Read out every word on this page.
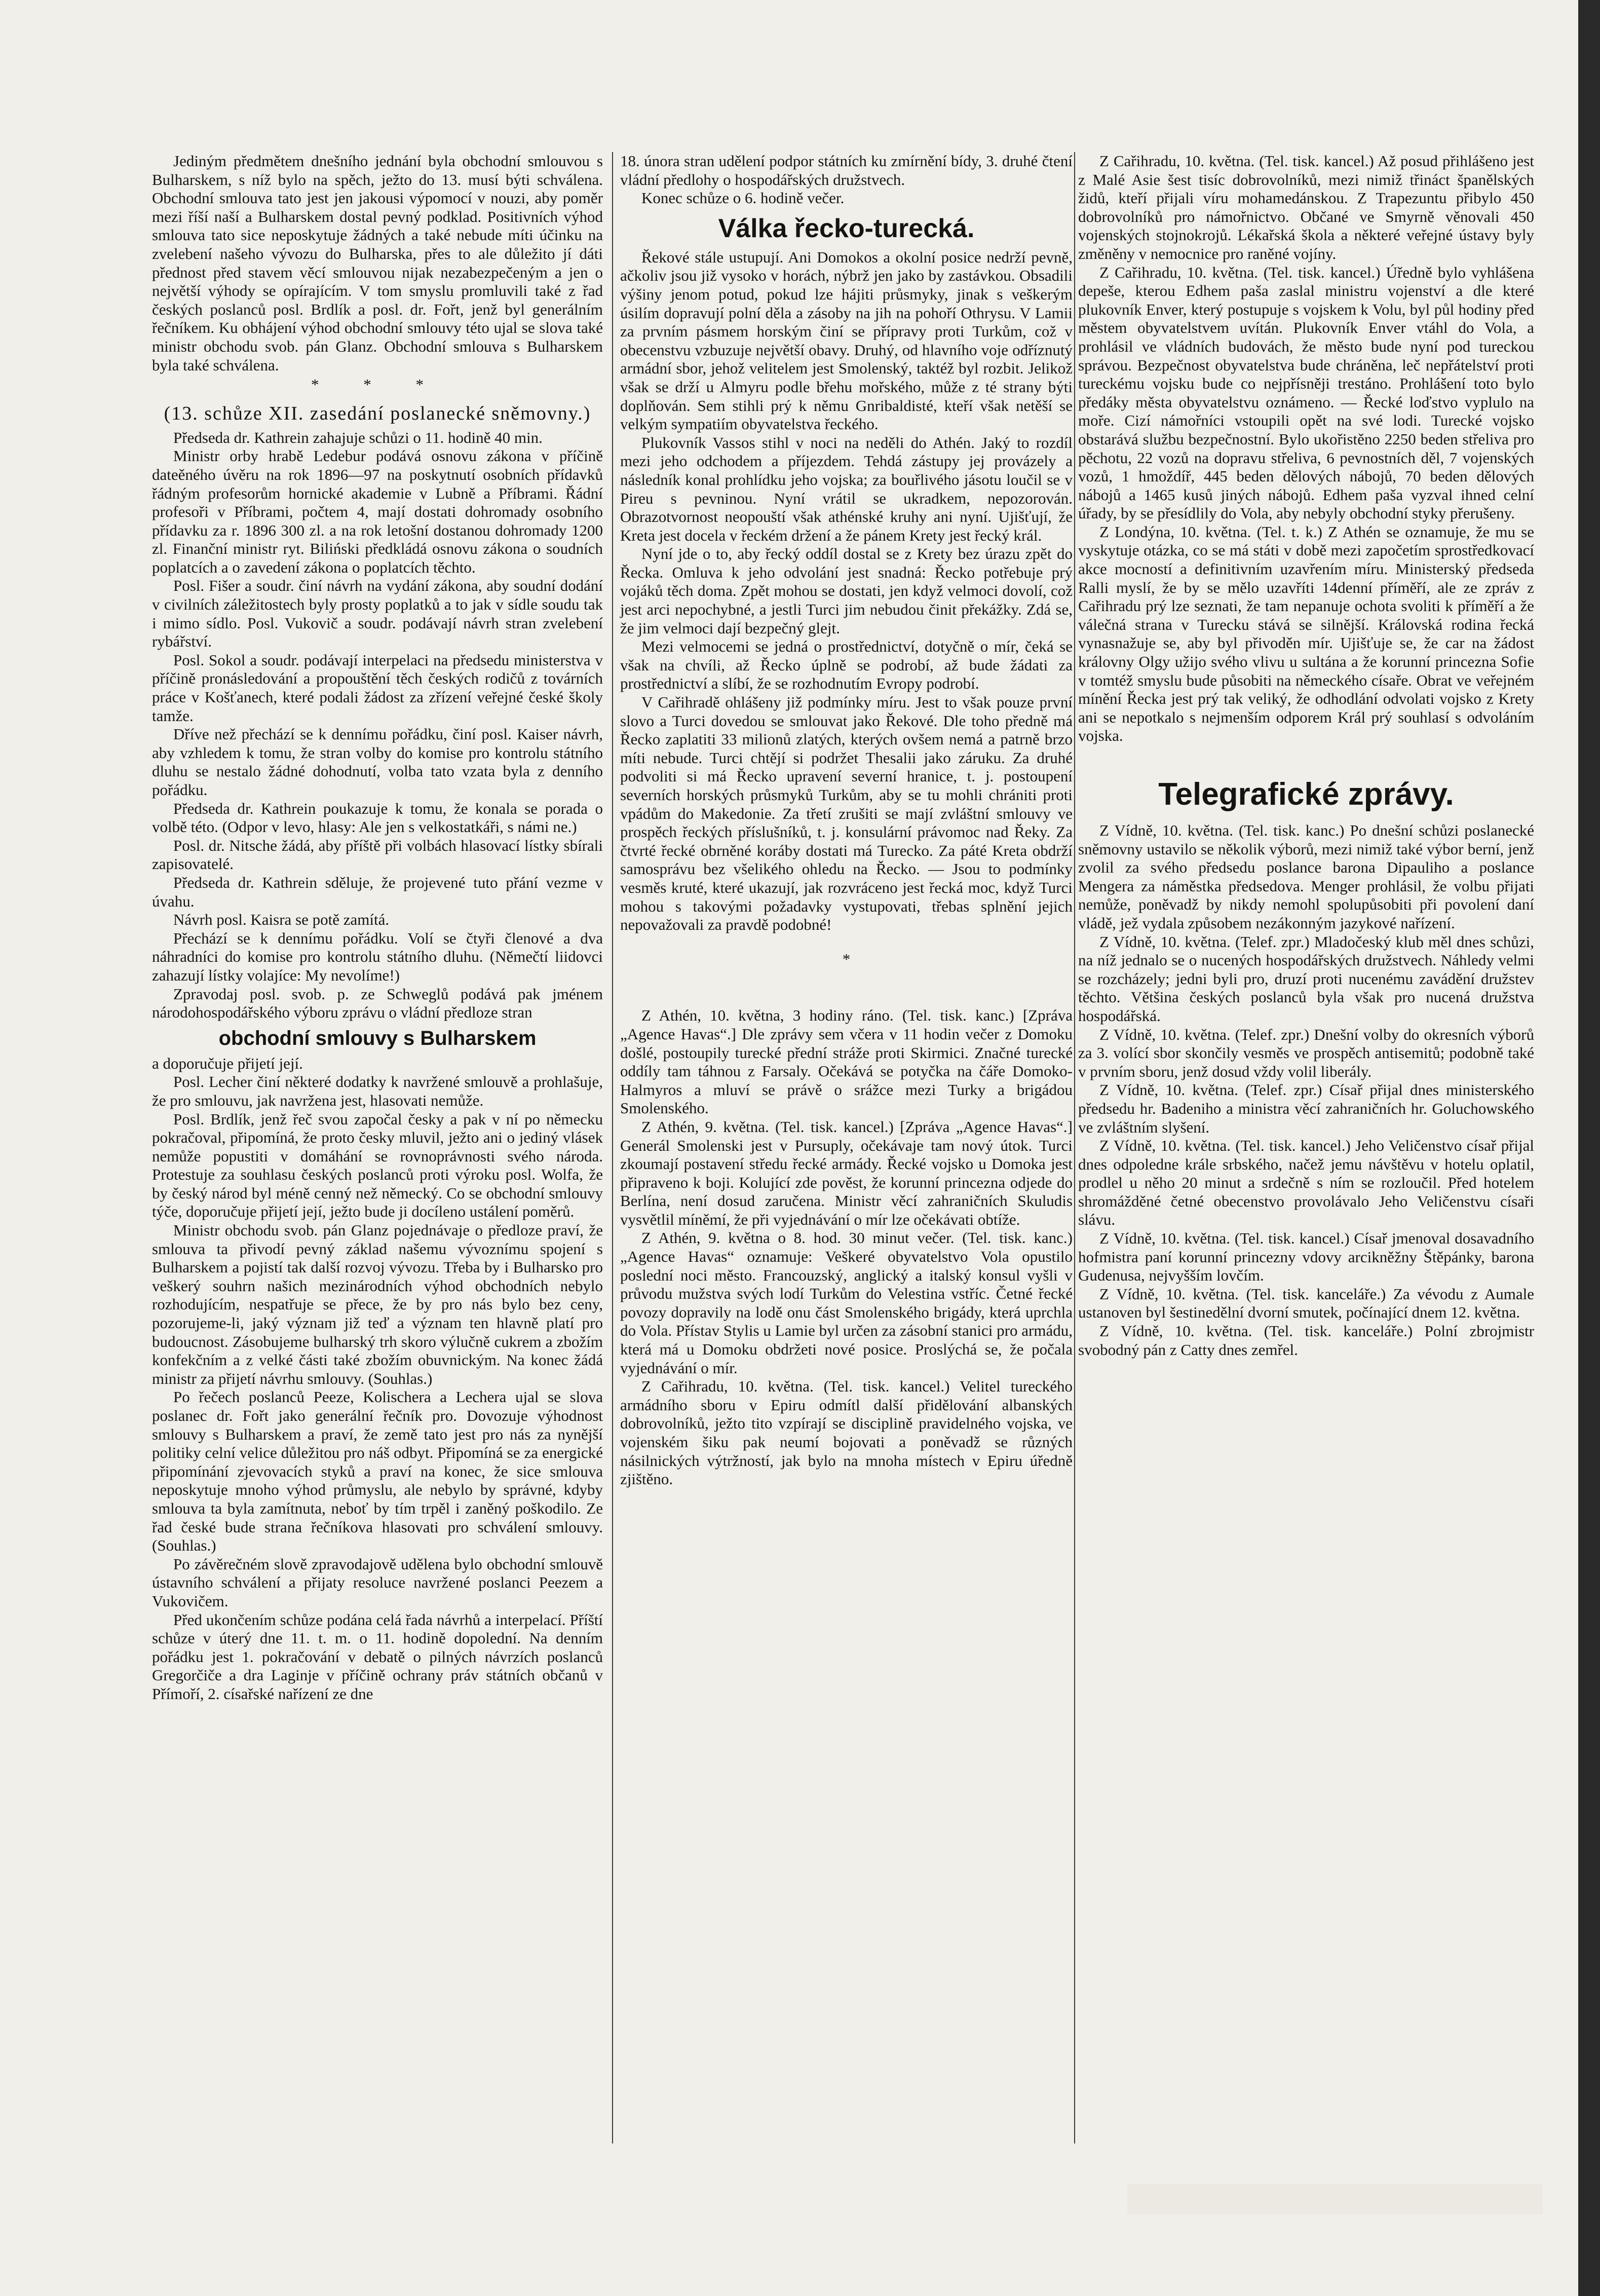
Jediným předmětem dnešního jednání byla obchodní smlouvou s Bulharskem, s níž bylo na spěch, ježto do 13. musí býti schválena. Obchodní smlouva tato jest jen jakousi výpomocí v nouzi, aby poměr mezi říší naší a Bulharskem dostal pevný podklad. Positivních výhod smlouva tato sice neposkytuje žádných a také nebude míti účinku na zvelebení našeho vývozu do Bulharska, přes to ale důležito jí dáti přednost před stavem věcí smlouvou nijak nezabezpečeným a jen o největší výhody se opírajícím. V tom smyslu promluvili také z řad českých poslanců posl. Brdlík a posl. dr. Fořt, jenž byl generálním řečníkem. Ku obhájení výhod obchodní smlouvy této ujal se slova také ministr obchodu svob. pán Glanz. Obchodní smlouva s Bulharskem byla také schválena.

* * *

(13. schůze XII. zasedání poslanecké sněmovny.)

Předseda dr. Kathrein zahajuje schůzi o 11. hodině 40 min.

Ministr orby hrabě Ledebur podává osnovu zákona v příčině dateěného úvěru na rok 1896—97 na poskytnutí osobních přídavků řádným profesorům hornické akademie v Lubně a Příbrami. Řádní profesoři v Příbrami, počtem 4, mají dostati dohromady osobního přídavku za r. 1896 300 zl. a na rok letošní dostanou dohromady 1200 zl. Finanční ministr ryt. Biliński předkládá osnovu zákona o soudních poplatcích a o zavedení zákona o poplatcích těchto.

Posl. Fišer a soudr. činí návrh na vydání zákona, aby soudní dodání v civilních záležitostech byly prosty poplatků a to jak v sídle soudu tak i mimo sídlo. Posl. Vukovič a soudr. podávají návrh stran zvelebení rybářství.

Posl. Sokol a soudr. podávají interpelaci na předsedu ministerstva v příčině pronásledování a propouštění těch českých rodičů z továrních práce v Košťanech, které podali žádost za zřízení veřejné české školy tamže.

Dříve než přechází se k dennímu pořádku, činí posl. Kaiser návrh, aby vzhledem k tomu, že stran volby do komise pro kontrolu státního dluhu se nestalo žádné dohodnutí, volba tato vzata byla z denního pořádku.

Předseda dr. Kathrein poukazuje k tomu, že konala se porada o volbě této. (Odpor v levo, hlasy: Ale jen s velkostatkáři, s námi ne.)

Posl. dr. Nitsche žádá, aby příště při volbách hlasovací lístky sbírali zapisovatelé.

Předseda dr. Kathrein sděluje, že projevené tuto přání vezme v úvahu.

Návrh posl. Kaisra se potě zamítá.

Přechází se k dennímu pořádku. Volí se čtyři členové a dva náhradníci do komise pro kontrolu státního dluhu. (Němečtí liidovci zahazují lístky volajíce: My nevolíme!)

Zpravodaj posl. svob. p. ze Schweglů podává pak jménem národohospodářského výboru zprávu o vládní předloze stran

obchodní smlouvy s Bulharskem

a doporučuje přijetí její.

Posl. Lecher činí některé dodatky k navržené smlouvě a prohlašuje, že pro smlouvu, jak navržena jest, hlasovati nemůže.

Posl. Brdlík, jenž řeč svou započal česky a pak v ní po německu pokračoval, připomíná, že proto česky mluvil, ježto ani o jediný vlásek nemůže popustiti v domáhání se rovnoprávnosti svého národa. Protestuje za souhlasu českých poslanců proti výroku posl. Wolfa, že by český národ byl méně cenný než německý. Co se obchodní smlouvy týče, doporučuje přijetí její, ježto bude ji docíleno ustálení poměrů.

Ministr obchodu svob. pán Glanz pojednávaje o předloze praví, že smlouva ta přivodí pevný základ našemu vývoznímu spojení s Bulharskem a pojistí tak další rozvoj vývozu. Třeba by i Bulharsko pro veškerý souhrn našich mezinárodních výhod obchodních nebylo rozhodujícím, nespatřuje se přece, že by pro nás bylo bez ceny, pozorujeme-li, jaký význam již teď a význam ten hlavně platí pro budoucnost. Zásobujeme bulharský trh skoro výlučně cukrem a zbožím konfekčním a z velké části také zbožím obuvnickým. Na konec žádá ministr za přijetí návrhu smlouvy. (Souhlas.)

Po řečech poslanců Peeze, Kolischera a Lechera ujal se slova poslanec dr. Fořt jako generální řečník pro. Dovozuje výhodnost smlouvy s Bulharskem a praví, že země tato jest pro nás za nynější politiky celní velice důležitou pro náš odbyt. Připomíná se za energické připomínání zjevovacích styků a praví na konec, že sice smlouva neposkytuje mnoho výhod průmyslu, ale nebylo by správné, kdyby smlouva ta byla zamítnuta, neboť by tím trpěl i zaněný poškodilo. Ze řad české bude strana řečníkova hlasovati pro schválení smlouvy. (Souhlas.)

Po závěrečném slově zpravodajově udělena bylo obchodní smlouvě ústavního schválení a přijaty resoluce navržené poslanci Peezem a Vukovičem.

Před ukončením schůze podána celá řada návrhů a interpelací. Příští schůze v úterý dne 11. t. m. o 11. hodině dopolední. Na denním pořádku jest 1. pokračování v debatě o pilných návrzích poslanců Gregorčiče a dra Laginje v příčině ochrany práv státních občanů v Přímoří, 2. císařské nařízení ze dne

18. února stran udělení podpor státních ku zmírnění bídy, 3. druhé čtení vládní předlohy o hospodářských družstvech.

Konec schůze o 6. hodině večer.

Válka řecko-turecká.

Řekové stále ustupují. Ani Domokos a okolní posice nedrží pevně, ačkoliv jsou již vysoko v horách, nýbrž jen jako by zastávkou. Obsadili výšiny jenom potud, pokud lze hájiti průsmyky, jinak s veškerým úsilím dopravují polní děla a zásoby na jih na pohoří Othrysu. V Lamii za prvním pásmem horským činí se přípravy proti Turkům, což v obecenstvu vzbuzuje největší obavy. Druhý, od hlavního voje odříznutý armádní sbor, jehož velitelem jest Smolenský, taktéž byl rozbit. Jelikož však se drží u Almyru podle břehu mořského, může z té strany býti doplňován. Sem stihli prý k němu Gnribaldisté, kteří však netěší se velkým sympatiím obyvatelstva řeckého.

Plukovník Vassos stihl v noci na neděli do Athén. Jaký to rozdíl mezi jeho odchodem a příjezdem. Tehdá zástupy jej provázely a následník konal prohlídku jeho vojska; za bouřlivého jásotu loučil se v Pireu s pevninou. Nyní vrátil se ukradkem, nepozorován. Obrazotvornost neopouští však athénské kruhy ani nyní. Ujišťují, že Kreta jest docela v řeckém držení a že pánem Krety jest řecký král.

Nyní jde o to, aby řecký oddíl dostal se z Krety bez úrazu zpět do Řecka. Omluva k jeho odvolání jest snadná: Řecko potřebuje prý vojáků těch doma. Zpět mohou se dostati, jen když velmoci dovolí, což jest arci nepochybné, a jestli Turci jim nebudou činit překážky. Zdá se, že jim velmoci dají bezpečný glejt.

Mezi velmocemi se jedná o prostřednictví, dotyčně o mír, čeká se však na chvíli, až Řecko úplně se podrobí, až bude žádati za prostřednictví a slíbí, že se rozhodnutím Evropy podrobí.

V Cařihradě ohlášeny již podmínky míru. Jest to však pouze první slovo a Turci dovedou se smlouvat jako Řekové. Dle toho předně má Řecko zaplatiti 33 milionů zlatých, kterých ovšem nemá a patrně brzo míti nebude. Turci chtějí si podržet Thesalii jako záruku. Za druhé podvoliti si má Řecko upravení severní hranice, t. j. postoupení severních horských průsmyků Turkům, aby se tu mohli chrániti proti vpádům do Makedonie. Za třetí zrušiti se mají zvláštní smlouvy ve prospěch řeckých příslušníků, t. j. konsulární právomoc nad Řeky. Za čtvrté řecké obrněné koráby dostati má Turecko. Za páté Kreta obdrží samosprávu bez všelikého ohledu na Řecko. — Jsou to podmínky vesměs kruté, které ukazují, jak rozvráceno jest řecká moc, když Turci mohou s takovými požadavky vystupovati, třebas splnění jejich nepovažovali za pravdě podobné!

*

Z Athén, 10. května, 3 hodiny ráno. (Tel. tisk. kanc.) [Zpráva „Agence Havas“.] Dle zprávy sem včera v 11 hodin večer z Domoku došlé, postoupily turecké přední stráže proti Skirmici. Značné turecké oddíly tam táhnou z Farsaly. Očekává se potyčka na čáře Domoko-Halmyros a mluví se právě o srážce mezi Turky a brigádou Smolenského.

Z Athén, 9. května. (Tel. tisk. kancel.) [Zpráva „Agence Havas“.] Generál Smolenski jest v Pursuply, očekávaje tam nový útok. Turci zkoumají postavení středu řecké armády. Řecké vojsko u Domoka jest připraveno k boji. Kolující zde pověst, že korunní princezna odjede do Berlína, není dosud zaručena. Ministr věcí zahraničních Skuludis vysvětlil míněmí, že při vyjednávání o mír lze očekávati obtíže.

Z Athén, 9. května o 8. hod. 30 minut večer. (Tel. tisk. kanc.) „Agence Havas“ oznamuje: Veškeré obyvatelstvo Vola opustilo poslední noci město. Francouzský, anglický a italský konsul vyšli v průvodu mužstva svých lodí Turkům do Velestina vstříc. Četné řecké povozy dopravily na lodě onu část Smolenského brigády, která uprchla do Vola. Přístav Stylis u Lamie byl určen za zásobní stanici pro armádu, která má u Domoku obdržeti nové posice. Proslýchá se, že počala vyjednávání o mír.

Z Cařihradu, 10. května. (Tel. tisk. kancel.) Velitel tureckého armádního sboru v Epiru odmítl další přidělování albanských dobrovolníků, ježto tito vzpírají se disciplině pravidelného vojska, ve vojenském šiku pak neumí bojovati a poněvadž se různých násilnických výtržností, jak bylo na mnoha místech v Epiru úředně zjištěno.

Z Cařihradu, 10. května. (Tel. tisk. kancel.) Až posud přihlášeno jest z Malé Asie šest tisíc dobrovolníků, mezi nimiž třináct španělských židů, kteří přijali víru mohamedánskou. Z Trapezuntu přibylo 450 dobrovolníků pro námořnictvo. Občané ve Smyrně věnovali 450 vojenských stojnokrojů. Lékařská škola a některé veřejné ústavy byly změněny v nemocnice pro raněné vojíny.

Z Cařihradu, 10. května. (Tel. tisk. kancel.) Úředně bylo vyhlášena depeše, kterou Edhem paša zaslal ministru vojenství a dle které plukovník Enver, který postupuje s vojskem k Volu, byl půl hodiny před městem obyvatelstvem uvítán. Plukovník Enver vtáhl do Vola, a prohlásil ve vládních budovách, že město bude nyní pod tureckou správou. Bezpečnost obyvatelstva bude chráněna, leč nepřátelství proti tureckému vojsku bude co nejpřísněji trestáno. Prohlášení toto bylo předáky města obyvatelstvu oznámeno. — Řecké loďstvo vyplulo na moře. Cizí námořníci vstoupili opět na své lodi. Turecké vojsko obstarává službu bezpečnostní. Bylo ukořistěno 2250 beden střeliva pro pěchotu, 22 vozů na dopravu střeliva, 6 pevnostních děl, 7 vojenských vozů, 1 hmoždíř, 445 beden dělových nábojů, 70 beden dělových nábojů a 1465 kusů jiných nábojů. Edhem paša vyzval ihned celní úřady, by se přesídlily do Vola, aby nebyly obchodní styky přerušeny.

Z Londýna, 10. května. (Tel. t. k.) Z Athén se oznamuje, že mu se vyskytuje otázka, co se má státi v době mezi započetím sprostředkovací akce mocností a definitivním uzavřením míru. Ministerský předseda Ralli myslí, že by se mělo uzavříti 14denní příměří, ale ze zpráv z Cařihradu prý lze seznati, že tam nepanuje ochota svoliti k příměří a že válečná strana v Turecku stává se silnější. Královská rodina řecká vynasnažuje se, aby byl přivoděn mír. Ujišťuje se, že car na žádost královny Olgy užijo svého vlivu u sultána a že korunní princezna Sofie v tomtéž smyslu bude působiti na německého císaře. Obrat ve veřejném mínění Řecka jest prý tak veliký, že odhodlání odvolati vojsko z Krety ani se nepotkalo s nejmenším odporem Král prý souhlasí s odvoláním vojska.

Telegrafické zprávy.

Z Vídně, 10. května. (Tel. tisk. kanc.) Po dnešní schůzi poslanecké sněmovny ustavilo se několik výborů, mezi nimiž také výbor berní, jenž zvolil za svého předsedu poslance barona Dipauliho a poslance Mengera za náměstka předsedova. Menger prohlásil, že volbu přijati nemůže, poněvadž by nikdy nemohl spolupůsobiti při povolení daní vládě, jež vydala způsobem nezákonným jazykové nařízení.

Z Vídně, 10. května. (Telef. zpr.) Mladočeský klub měl dnes schůzi, na níž jednalo se o nucených hospodářských družstvech. Náhledy velmi se rozcházely; jedni byli pro, druzí proti nucenému zavádění družstev těchto. Většina českých poslanců byla však pro nucená družstva hospodářská.

Z Vídně, 10. května. (Telef. zpr.) Dnešní volby do okresních výborů za 3. volící sbor skončily vesměs ve prospěch antisemitů; podobně také v prvním sboru, jenž dosud vždy volil liberály.

Z Vídně, 10. května. (Telef. zpr.) Císař přijal dnes ministerského předsedu hr. Badeniho a ministra věcí zahraničních hr. Goluchowského ve zvláštním slyšení.

Z Vídně, 10. května. (Tel. tisk. kancel.) Jeho Veličenstvo císař přijal dnes odpoledne krále srbského, načež jemu návštěvu v hotelu oplatil, prodlel u něho 20 minut a srdečně s ním se rozloučil. Před hotelem shromážděné četné obecenstvo provolávalo Jeho Veličenstvu císaři slávu.

Z Vídně, 10. května. (Tel. tisk. kancel.) Císař jmenoval dosavadního hofmistra paní korunní princezny vdovy arcikněžny Štěpánky, barona Gudenusa, nejvyšším lovčím.

Z Vídně, 10. května. (Tel. tisk. kanceláře.) Za vévodu z Aumale ustanoven byl šestinedělní dvorní smutek, počínající dnem 12. května.

Z Vídně, 10. května. (Tel. tisk. kanceláře.) Polní zbrojmistr svobodný pán z Catty dnes zemřel.
